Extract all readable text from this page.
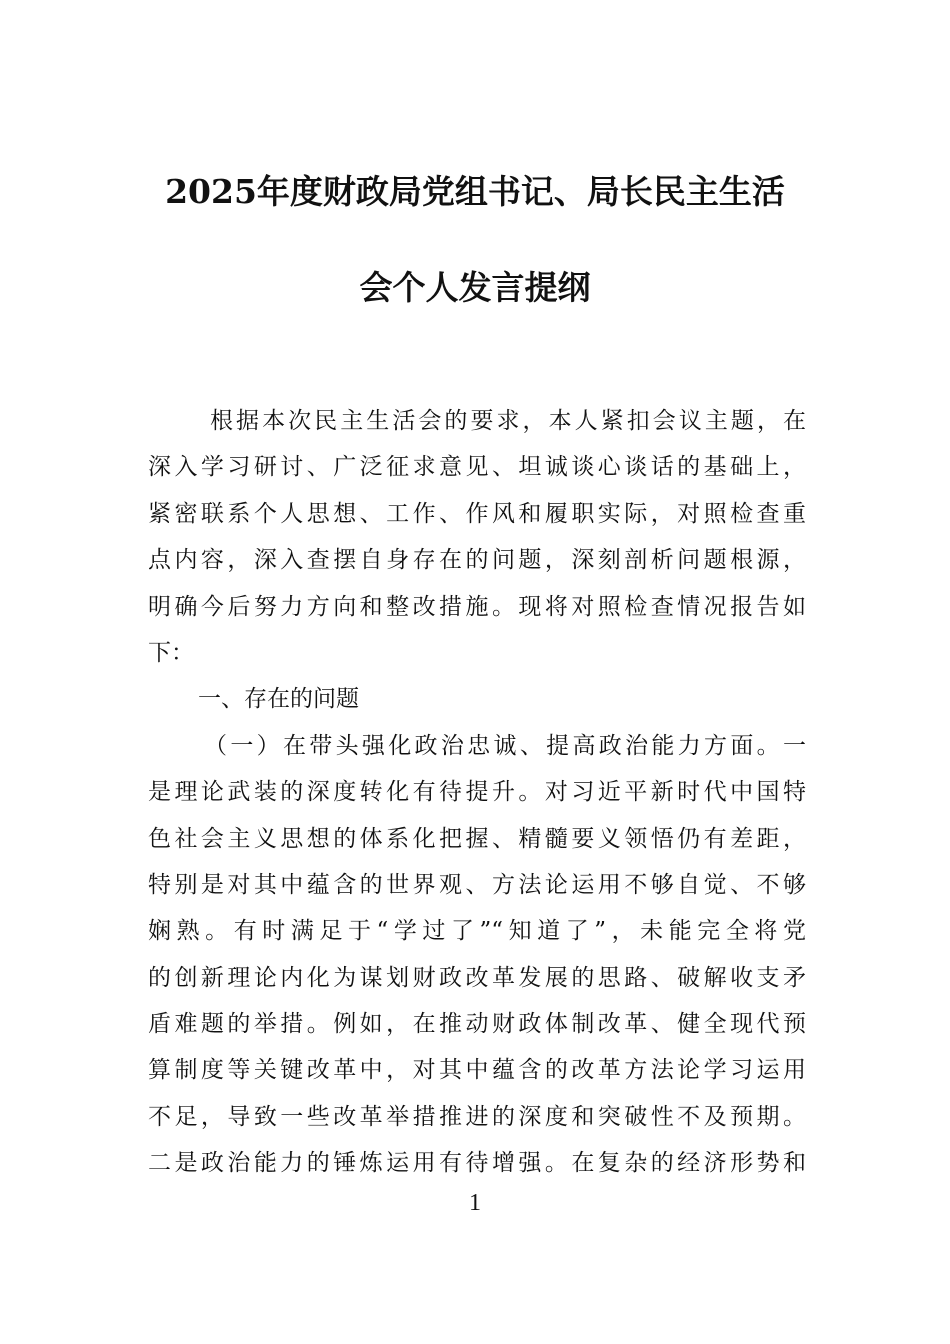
2025年度财政局党组书记、局长民主生活
会个人发言提纲
根据本次民主生活会的要求，本人紧扣会议主题，在
深入学习研讨、广泛征求意见、坦诚谈心谈话的基础上，
紧密联系个人思想、工作、作风和履职实际，对照检查重
点内容，深入查摆自身存在的问题，深刻剖析问题根源，
明确今后努力方向和整改措施。现将对照检查情况报告如
下：
一、存在的问题
（一）在带头强化政治忠诚、提高政治能力方面。一
是理论武装的深度转化有待提升。对习近平新时代中国特
色社会主义思想的体系化把握、精髓要义领悟仍有差距，
特别是对其中蕴含的世界观、方法论运用不够自觉、不够
娴熟。有时满足于“学过了”“知道了”，未能完全将党
的创新理论内化为谋划财政改革发展的思路、破解收支矛
盾难题的举措。例如，在推动财政体制改革、健全现代预
算制度等关键改革中，对其中蕴含的改革方法论学习运用
不足，导致一些改革举措推进的深度和突破性不及预期。
二是政治能力的锤炼运用有待增强。在复杂的经济形势和
1
